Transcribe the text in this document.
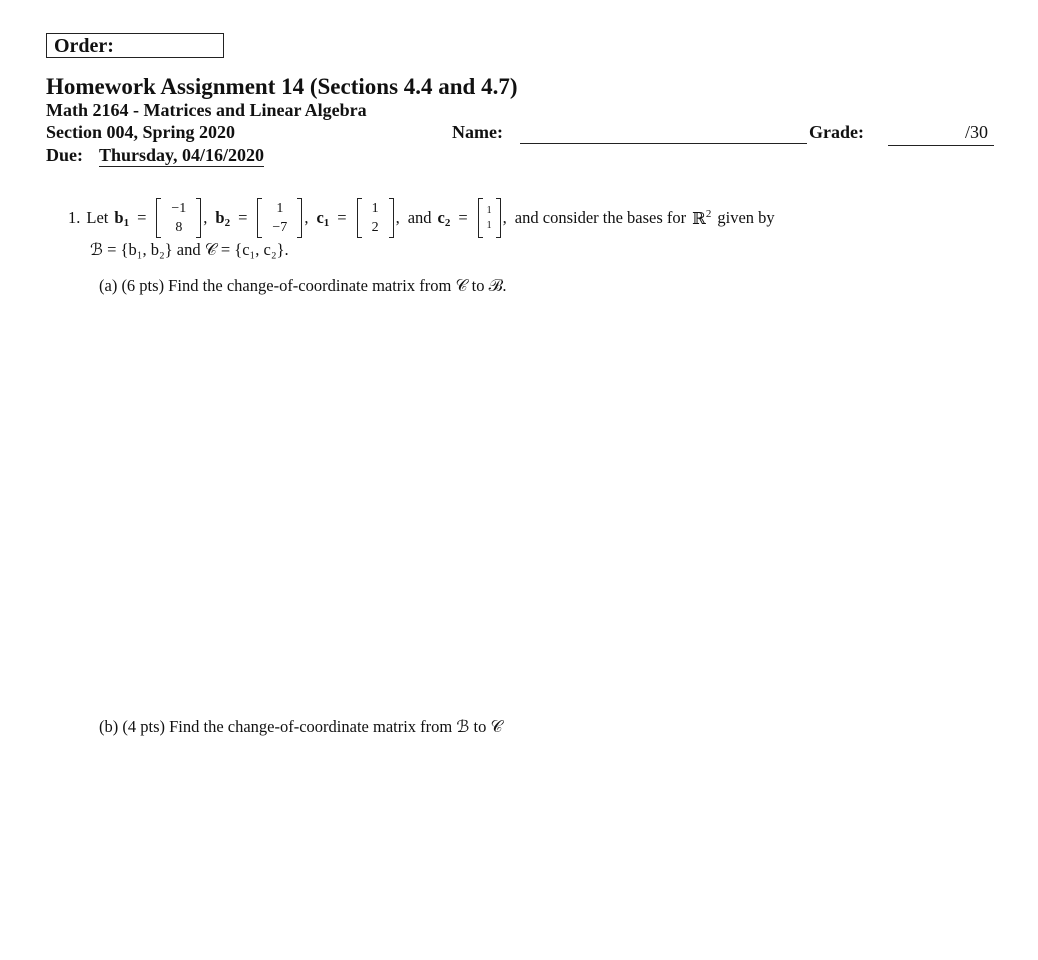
Order:
Homework Assignment 14 (Sections 4.4 and 4.7)
Math 2164 - Matrices and Linear Algebra
Section 004, Spring 2020
Due: Thursday, 04/16/2020
Name:	Grade:	/30
1. Let $b_1 = -1$
8
, $b_2 = 1$
−7
, $c_1 = 1$
2
, and $c_2 = 1$
1 , and consider the bases for ℝ$^2$ given by
ℬ = {b₁, b₂} and 𝒞 = {c₁, c₂}.
(a) (6 pts) Find the change-of-coordinate matrix from 𝒞 to ℬ.
(b) (4 pts) Find the change-of-coordinate matrix from ℬ to 𝒞
